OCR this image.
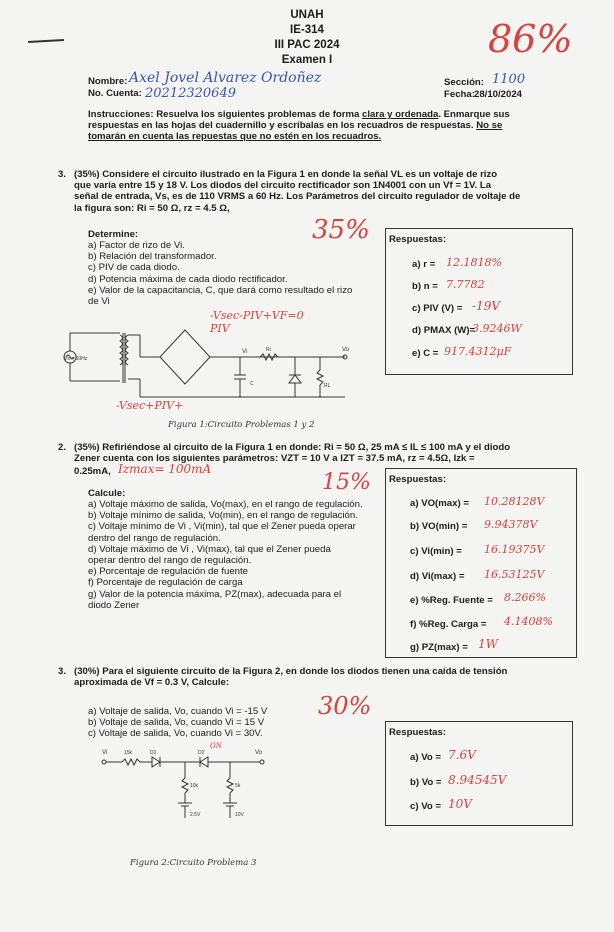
UNAH
IE-314
III PAC 2024
Examen I	86%
Nombre: Axel Jovel Alvarez Ordoñez
No. Cuenta: 20212320649
Sección: 1100
Fecha: 28/10/2024
Instrucciones: Resuelva los siguientes problemas de forma clara y ordenada. Enmarque sus
respuestas en las hojas del cuadernillo y escríbalas en los recuadros de respuestas. No se
tomarán en cuenta las repuestas que no estén en los recuadros.
3. (35%) Considere el circuito ilustrado en la Figura 1 en donde la señal VL es un voltaje de rizo
que varía entre 15 y 18 V. Los diodos del circuito rectificador son 1N4001 con un Vf = 1V. La
señal de entrada, Vs, es de 110 VRMS a 60 Hz. Los Parámetros del circuito regulador de voltaje de
la figura son: Ri = 50 Ω, rz = 4.5 Ω,
Determine:	35%
a) Factor de rizo de Vi.
b) Relación del transformador.
c) PIV de cada diodo.
d) Potencia máxima de cada diodo rectificador.
e) Valor de la capacitancia, C, que dará como resultado el rizo
de Vi
Respuestas:
a) r = 12.1818%
b) n = 7.7782
c) PIV (V) = -19V
d) PMAX (W)=
3.9246W
e) C = 917.4312µF
-Vsec-PIV+VF=0
-Vsec+PIV+
PIV
Vs = 60Hz
Vi	Ri	Vo
C	RL
Figura 1:Circuito Problemas 1 y 2
2. (35%) Refiriéndose al circuito de la Figura 1 en donde: Ri = 50 Ω, 25 mA ≤ IL ≤ 100 mA y el diodo
Zener cuenta con los siguientes parámetros: VZT = 10 V a IZT = 37.5 mA, rz = 4.5Ω, Izk =
0.25mA, Izmax= 100mA
15%
Calcule:
a) Voltaje máximo de salida, Vo(max), en el rango de regulación.
b) Voltaje mínimo de salida, Vo(min), en el rango de regulación.
c) Voltaje mínimo de Vi , Vi(min), tal que el Zener pueda operar
dentro del rango de regulación.
d) Voltaje máximo de Vi , Vi(max), tal que el Zener pueda
operar dentro del rango de regulación.
e) Porcentaje de regulación de fuente
f) Porcentaje de regulación de carga
g) Valor de la potencia máxima, PZ(max), adecuada para el
diodo Zener
Respuestas:
a) VO(max) = 10.28128V
b) VO(min) = 9.94378V
c) Vi(min) = 16.19375V
d) Vi(max) = 16.53125V
e) %Reg. Fuente = 8.266%
f) %Reg. Carga = 4.1408%
g) PZ(max) = 1W
3. (30%) Para el siguiente circuito de la Figura 2, en donde los diodos tienen una caída de tensión
aproximada de Vf = 0.3 V, Calcule:
30%
a) Voltaje de salida, Vo, cuando Vi = -15 V
b) Voltaje de salida, Vo, cuando Vi = 15 V
c) Voltaje de salida, Vo, cuando Vi = 30V.	Respuestas:
a) Vo = 7.6V
b) Vo = 8.94545V
c) Vo = 10V
Vi	15k	D1	D2
ON
Vo
10k	5k
2.5V	10V
Figura 2:Circuito Problema 3
